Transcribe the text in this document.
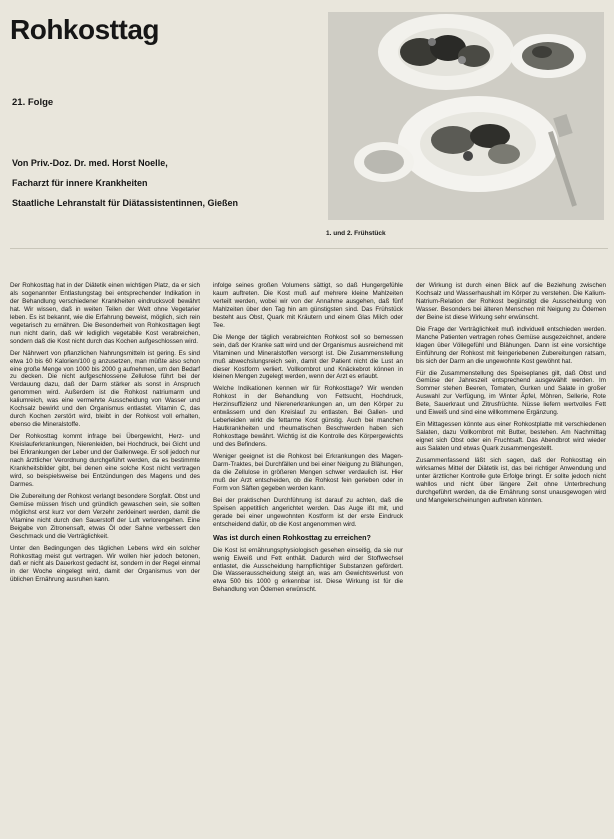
Rohkosttag
21. Folge
Von Priv.-Doz. Dr. med. Horst Noelle,
Facharzt für innere Krankheiten
Staatliche Lehranstalt für Diätassistentinnen, Gießen
1. und 2. Frühstück

Der Rohkosttag hat in der Diätetik einen wichtigen Platz, da er sich als sogenannter Entlastungstag bei entsprechender Indikation in der Behandlung verschiedener Krankheiten eindrucksvoll bewährt hat. Wir wissen, daß in weiten Teilen der Welt ohne Vegetarier leben. Es ist bekannt, wie die Erfahrung beweist, möglich, sich rein vegetarisch zu ernähren. Die Besonderheit von Rohkosttagen liegt nun nicht darin, daß wir lediglich vegetabile Kost verabreichen, sondern daß die Kost nicht durch das Kochen aufgeschlossen wird.

Der Nährwert von pflanzlichen Nahrungsmitteln ist gering. Es sind etwa 10 bis 60 Kalorien/100 g anzusetzen, man müßte also schon eine große Menge von 1000 bis 2000 g aufnehmen, um den Bedarf zu decken. Die nicht aufgeschlossene Zellulose führt bei der Verdauung dazu, daß der Darm stärker als sonst in Anspruch genommen wird. Außerdem ist die Rohkost natriumarm und kaliumreich, was eine vermehrte Ausscheidung von Wasser und Kochsalz bewirkt und den Organismus entlastet. Vitamin C, das durch Kochen zerstört wird, bleibt in der Rohkost voll erhalten, ebenso die Mineralstoffe.

Der Rohkosttag kommt infrage bei Übergewicht, Herz- und Kreislauferkrankungen, Nierenleiden, bei Hochdruck, bei Gicht und bei Erkrankungen der Leber und der Gallenwege. Er soll jedoch nur nach ärztlicher Verordnung durchgeführt werden, da es bestimmte Krankheitsbilder gibt, bei denen eine solche Kost nicht vertragen wird, so beispielsweise bei Entzündungen des Magens und des Darmes.

Die Zubereitung der Rohkost verlangt besondere Sorgfalt. Obst und Gemüse müssen frisch und gründlich gewaschen sein, sie sollten möglichst erst kurz vor dem Verzehr zerkleinert werden, damit die Vitamine nicht durch den Sauerstoff der Luft verlorengehen. Eine Beigabe von Zitronensaft, etwas Öl oder Sahne verbessert den Geschmack und die Verträglichkeit.

Unter den Bedingungen des täglichen Lebens wird ein solcher Rohkosttag meist gut vertragen. Wir wollen hier jedoch betonen, daß er nicht als Dauerkost gedacht ist, sondern in der Regel einmal in der Woche eingelegt wird, damit der Organismus von der üblichen Ernährung ausruhen kann.

infolge seines großen Volumens sättigt, so daß Hungergefühle kaum auftreten. Die Kost muß auf mehrere kleine Mahlzeiten verteilt werden, wobei wir von der Annahme ausgehen, daß fünf Mahlzeiten über den Tag hin am günstigsten sind. Das Frühstück besteht aus Obst, Quark mit Kräutern und einem Glas Milch oder Tee.

Die Menge der täglich verabreichten Rohkost soll so bemessen sein, daß der Kranke satt wird und der Organismus ausreichend mit Vitaminen und Mineralstoffen versorgt ist. Die Zusammenstellung muß abwechslungsreich sein, damit der Patient nicht die Lust an dieser Kostform verliert. Vollkornbrot und Knäckebrot können in kleinen Mengen zugelegt werden, wenn der Arzt es erlaubt.

Welche Indikationen kennen wir für Rohkosttage? Wir wenden Rohkost in der Behandlung von Fettsucht, Hochdruck, Herzinsuffizienz und Nierenerkrankungen an, um den Körper zu entwässern und den Kreislauf zu entlasten. Bei Gallen- und Leberleiden wirkt die fettarme Kost günstig. Auch bei manchen Hautkrankheiten und rheumatischen Beschwerden haben sich Rohkosttage bewährt. Wichtig ist die Kontrolle des Körpergewichts und des Befindens.

Weniger geeignet ist die Rohkost bei Erkrankungen des Magen-Darm-Traktes, bei Durchfällen und bei einer Neigung zu Blähungen, da die Zellulose in größeren Mengen schwer verdaulich ist. Hier muß der Arzt entscheiden, ob die Rohkost fein gerieben oder in Form von Säften gegeben werden kann.

Bei der praktischen Durchführung ist darauf zu achten, daß die Speisen appetitlich angerichtet werden. Das Auge ißt mit, und gerade bei einer ungewohnten Kostform ist der erste Eindruck entscheidend dafür, ob die Kost angenommen wird.

Was ist durch einen Rohkosttag zu erreichen?

Die Kost ist ernährungsphysiologisch gesehen einseitig, da sie nur wenig Eiweiß und Fett enthält. Dadurch wird der Stoffwechsel entlastet, die Ausscheidung harnpflichtiger Substanzen gefördert. Die Wasserausscheidung steigt an, was am Gewichtsverlust von etwa 500 bis 1000 g erkennbar ist. Diese Wirkung ist für die Behandlung von Ödemen erwünscht.

der Wirkung ist durch einen Blick auf die Beziehung zwischen Kochsalz und Wasserhaushalt im Körper zu verstehen. Die Kalium-Natrium-Relation der Rohkost begünstigt die Ausscheidung von Wasser. Besonders bei älteren Menschen mit Neigung zu Ödemen der Beine ist diese Wirkung sehr erwünscht.

Die Frage der Verträglichkeit muß individuell entschieden werden. Manche Patienten vertragen rohes Gemüse ausgezeichnet, andere klagen über Völlegefühl und Blähungen. Dann ist eine vorsichtige Einführung der Rohkost mit feingeriebenen Zubereitungen ratsam, bis sich der Darm an die ungewohnte Kost gewöhnt hat.

Für die Zusammenstellung des Speiseplanes gilt, daß Obst und Gemüse der Jahreszeit entsprechend ausgewählt werden. Im Sommer stehen Beeren, Tomaten, Gurken und Salate in großer Auswahl zur Verfügung, im Winter Äpfel, Möhren, Sellerie, Rote Bete, Sauerkraut und Zitrusfrüchte. Nüsse liefern wertvolles Fett und Eiweiß und sind eine willkommene Ergänzung.

Ein Mittagessen könnte aus einer Rohkostplatte mit verschiedenen Salaten, dazu Vollkornbrot mit Butter, bestehen. Am Nachmittag eignet sich Obst oder ein Fruchtsaft. Das Abendbrot wird wieder aus Salaten und etwas Quark zusammengestellt.

Zusammenfassend läßt sich sagen, daß der Rohkosttag ein wirksames Mittel der Diätetik ist, das bei richtiger Anwendung und unter ärztlicher Kontrolle gute Erfolge bringt. Er sollte jedoch nicht wahllos und nicht über längere Zeit ohne Unterbrechung durchgeführt werden, da die Ernährung sonst unausgewogen wird und Mangelerscheinungen auftreten könnten.
